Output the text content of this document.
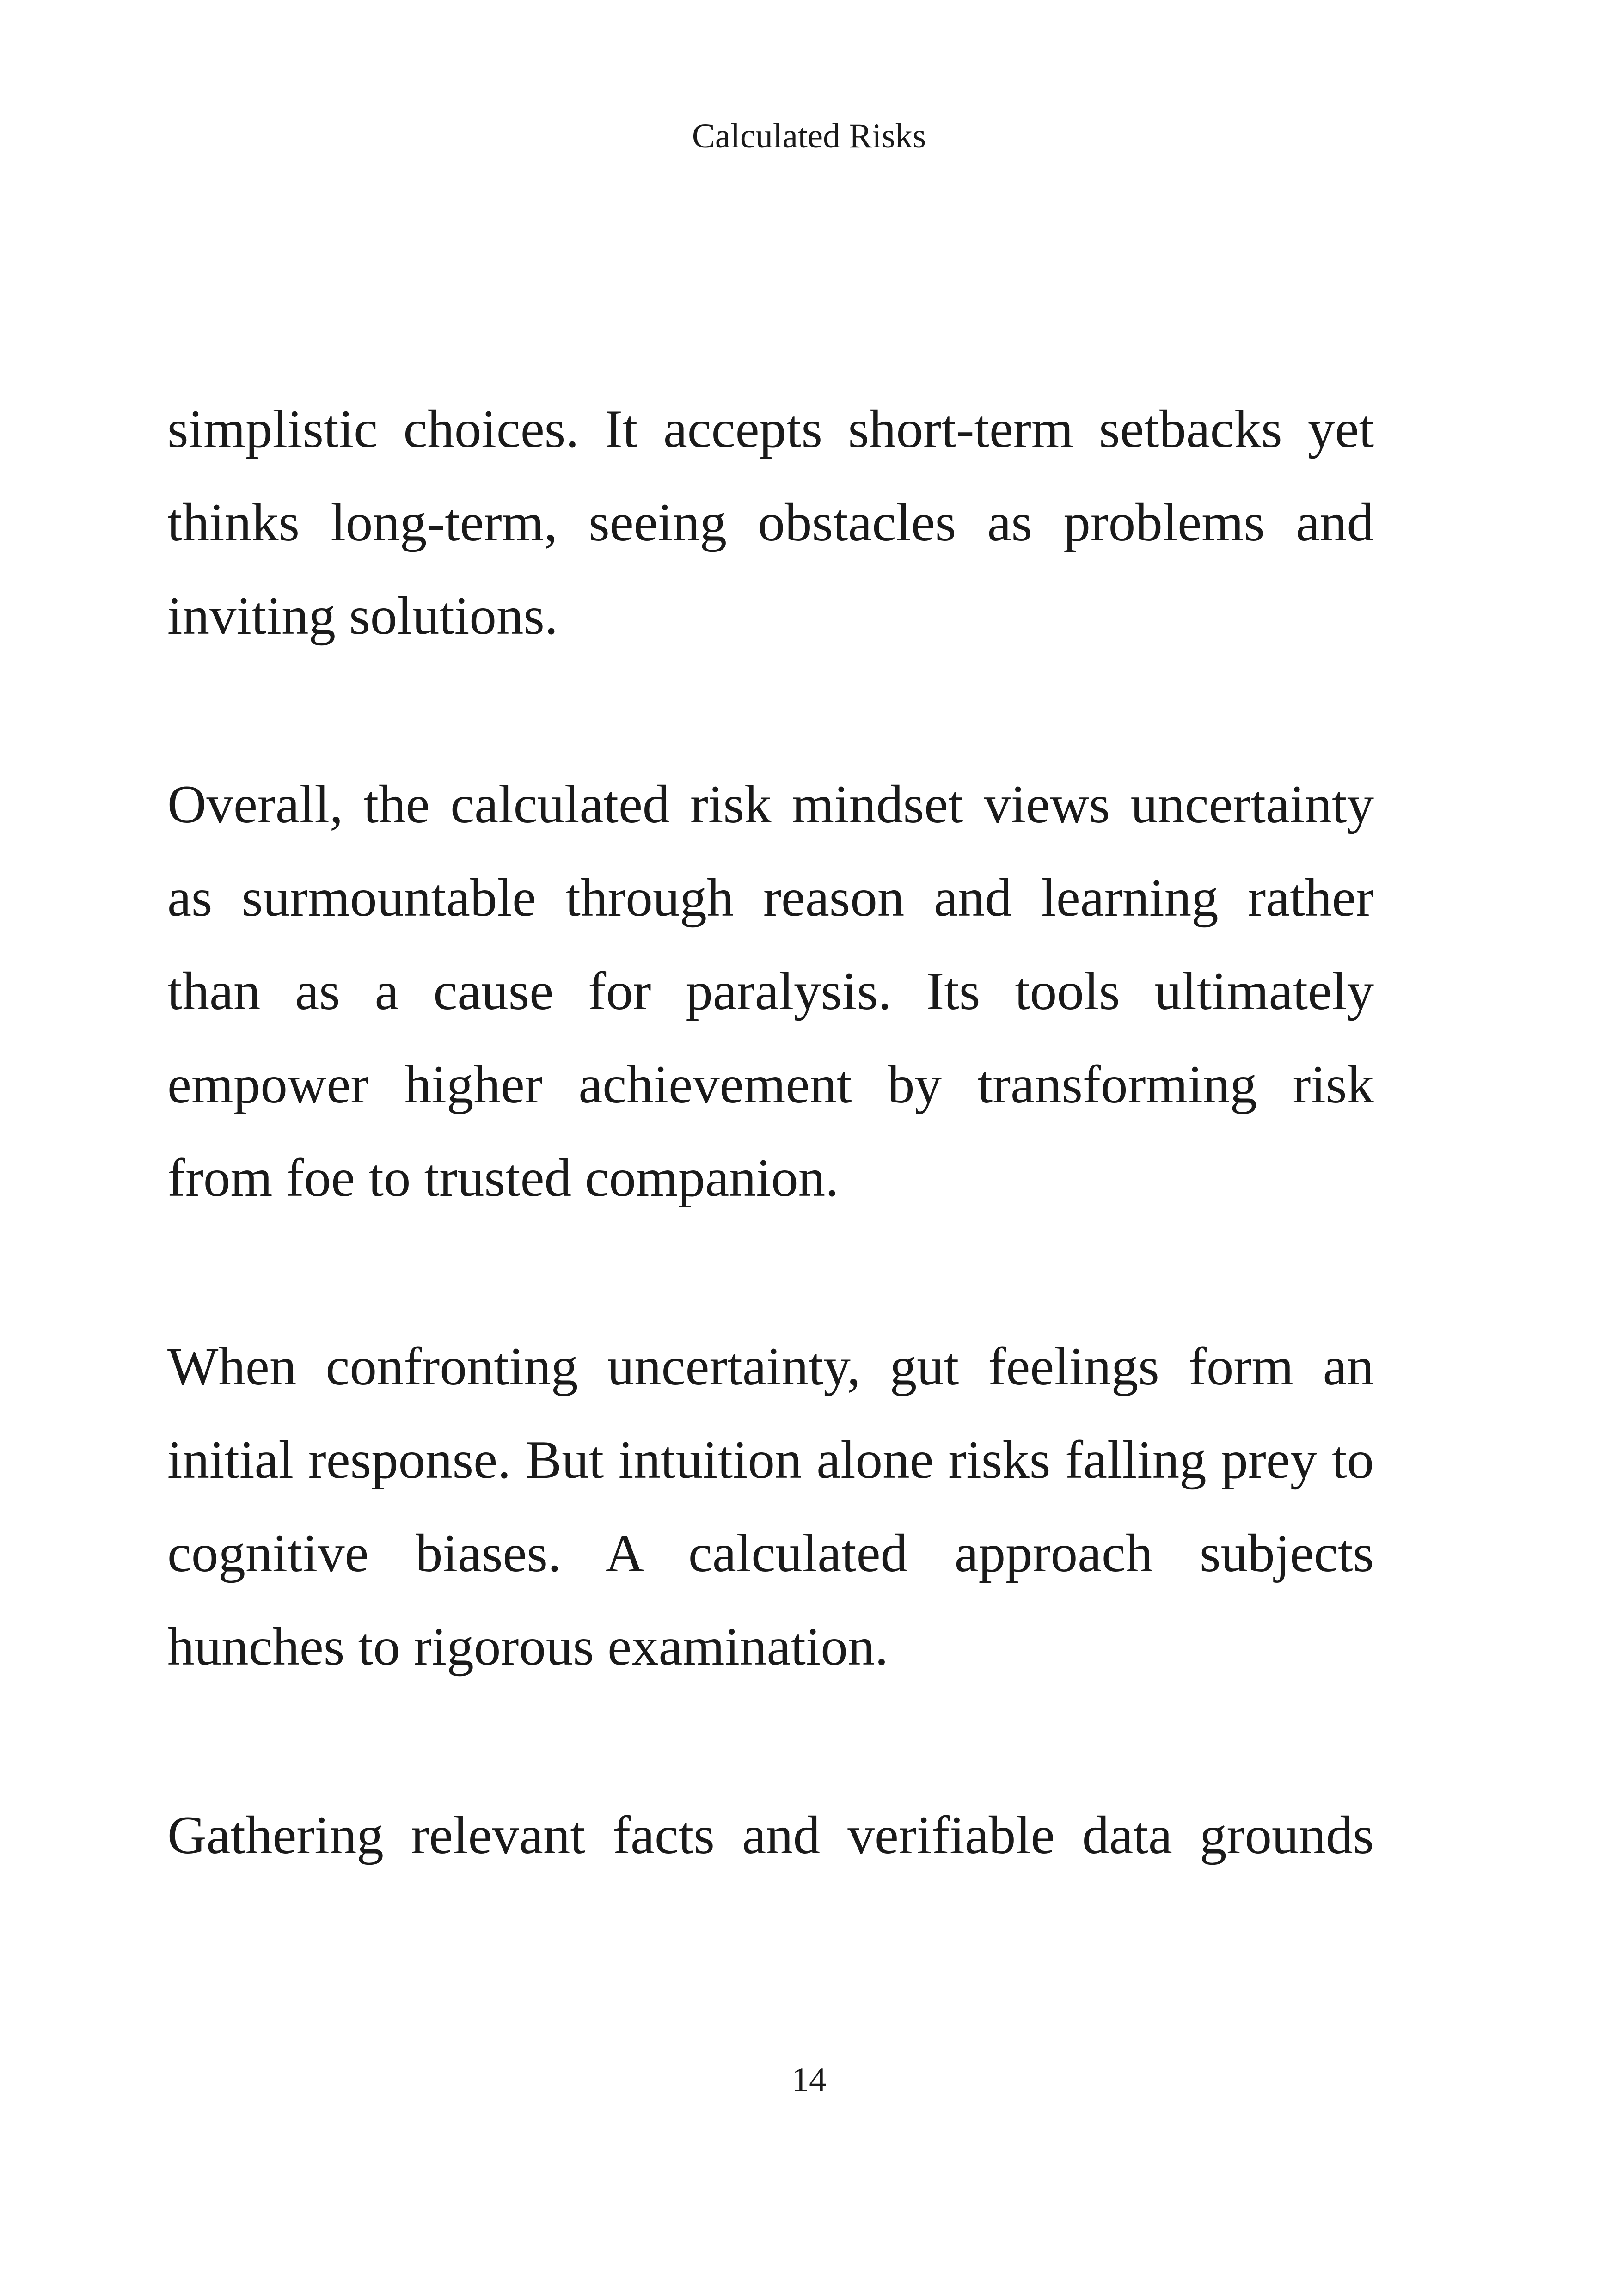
Calculated Risks
simplistic choices. It accepts short-term setbacks yet
thinks long-term, seeing obstacles as problems and
inviting solutions.
Overall, the calculated risk mindset views uncertainty
as surmountable through reason and learning rather
than as a cause for paralysis. Its tools ultimately
empower higher achievement by transforming risk
from foe to trusted companion.
When confronting uncertainty, gut feelings form an
initial response. But intuition alone risks falling prey to
cognitive biases. A calculated approach subjects
hunches to rigorous examination.
Gathering relevant facts and verifiable data grounds
14
